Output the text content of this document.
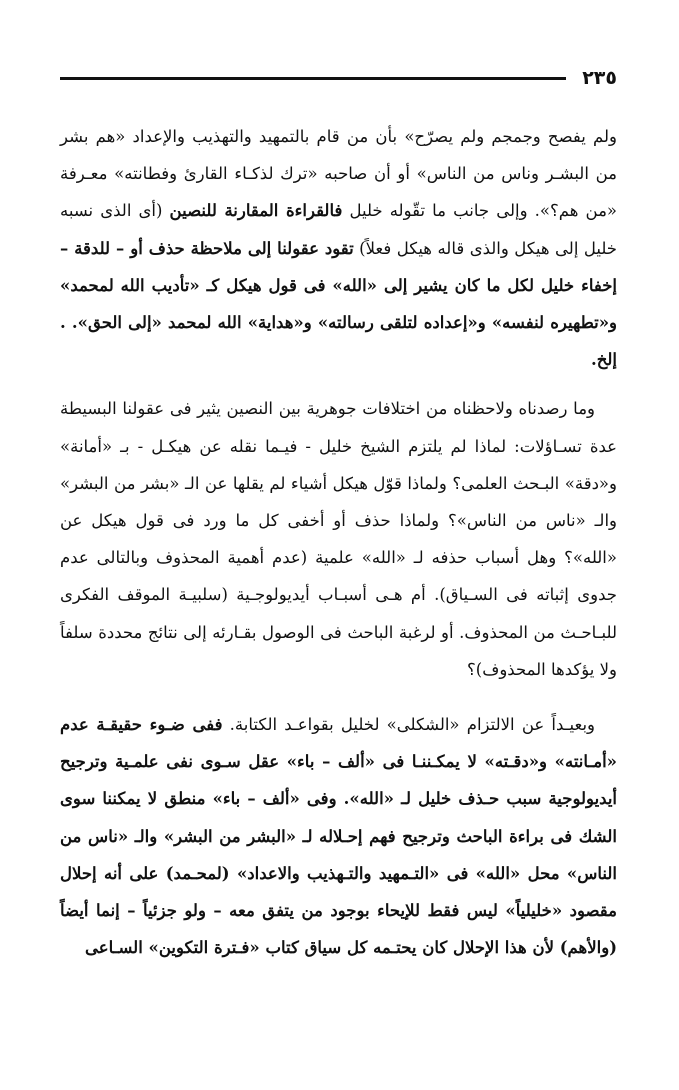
٢٣٥

ولم يفصح وجمجم ولم يصرّح» بأن من قام بالتمهيد والتهذيب والإعداد «هم بشر من البشـر وناس من الناس» أو أن صاحبه «ترك لذكـاء القارئ وفطانته» معـرفة «من هم؟». وإلى جانب ما تقّوله خليل فالقراءة المقارنة للنصين (أى الذى نسبه خليل إلى هيكل والذى قاله هيكل فعلاً) تقود عقولنا إلى ملاحظة حذف أو – للدقة – إخفاء خليل لكل ما كان يشير إلى «الله» فى قول هيكل كـ «تأديب الله لمحمد» و«تطهيره لنفسه» و«إعداده لتلقى رسالته» و«هداية» الله لمحمد «إلى الحق». . إلخ.

وما رصدناه ولاحظناه من اختلافات جوهرية بين النصين يثير فى عقولنا البسيطة عدة تسـاؤلات: لماذا لم يلتزم الشيخ خليل - فيـما نقله عن هيكـل - بـ «أمانة» و«دقة» البـحث العلمى؟ ولماذا قوّل هيكل أشياء لم يقلها عن الـ «بشر من البشر» والـ «ناس من الناس»؟ ولماذا حذف أو أخفى كل ما ورد فى قول هيكل عن «الله»؟ وهل أسباب حذفه لـ «الله» علمية (عدم أهمية المحذوف وبالتالى عدم جدوى إثباته فى السـياق). أم هـى أسبـاب أيديولوجـية (سلبيـة الموقف الفكرى للبـاحـث من المحذوف. أو لرغبة الباحث فى الوصول بقـارئه إلى نتائج محددة سلفاً ولا يؤكدها المحذوف)؟

وبعيـداً عن الالتزام «الشكلى» لخليل بقواعـد الكتابة. ففى ضـوء حقيقـة عدم «أمـانته» و«دقـته» لا يمكـننـا فى «ألف – باء» عقل سـوى نفى علمـية وترجيح أيديولوجية سبب حـذف خليل لـ «الله». وفى «ألف – باء» منطق لا يمكننا سوى الشك فى براءة الباحث وترجيح فهم إحـلاله لـ «البشر من البشر» والـ «ناس من الناس» محل «الله» فى «التـمهيد والتـهذيب والاعداد» (لمحـمد) على أنه إحلال مقصود «خليلياً» ليس فقط للإيحاء بوجود من يتفق معه – ولو جزئياً – إنما أيضاً (والأهم) لأن هذا الإحلال كان يحتـمه كل سياق كتاب «فـترة التكوين» السـاعى
